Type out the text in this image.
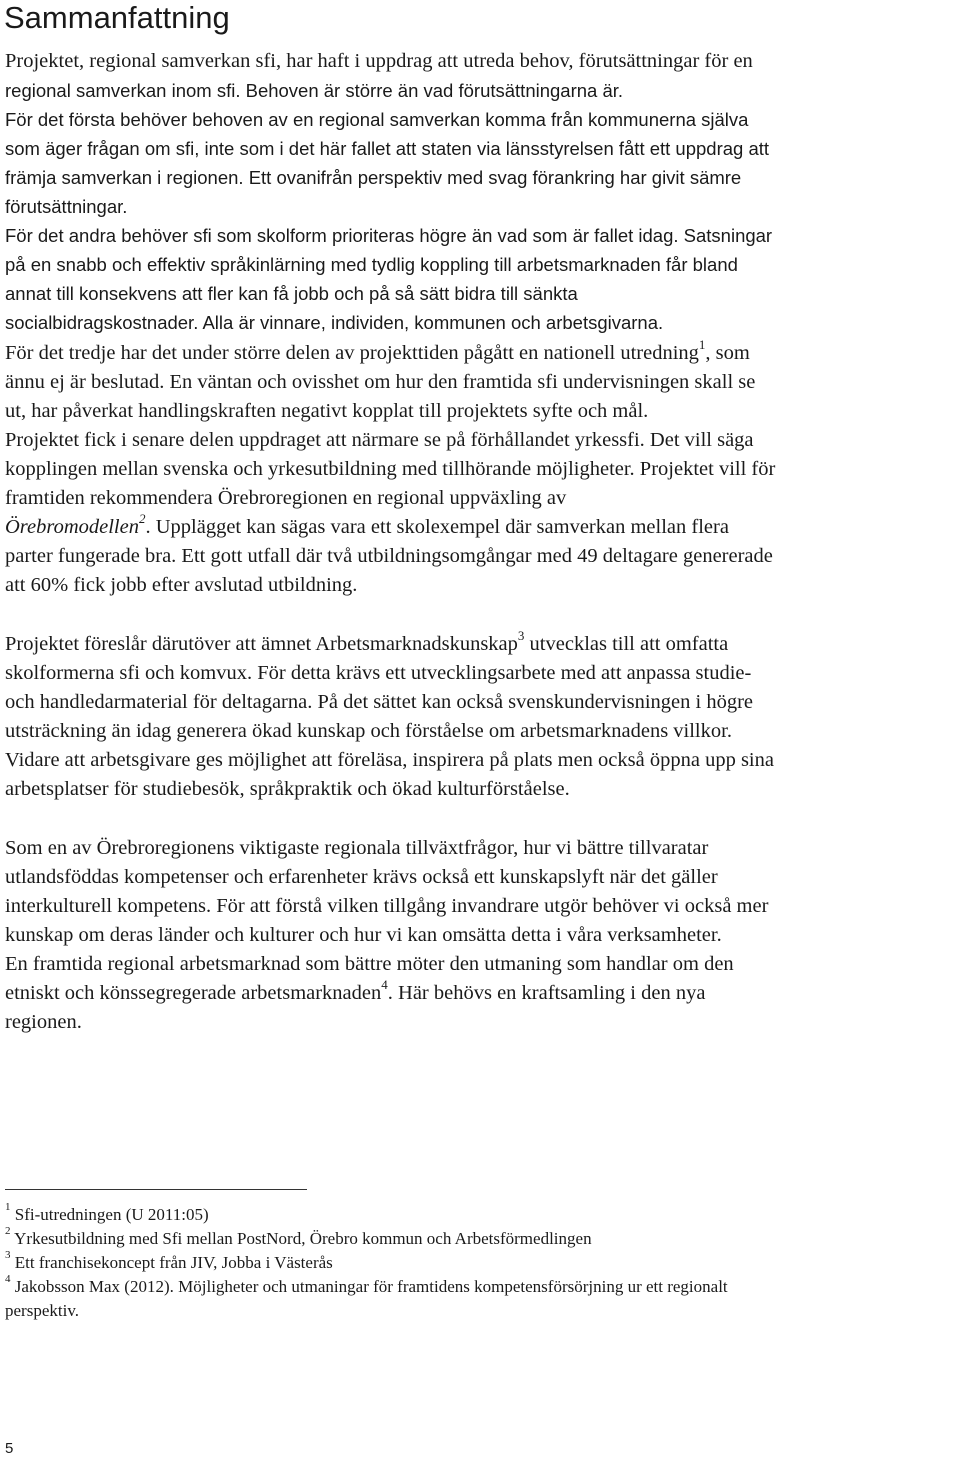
Sammanfattning
Projektet, regional samverkan sfi, har haft i uppdrag att utreda behov, förutsättningar för en
regional samverkan inom sfi. Behoven är större än vad förutsättningarna är.
För det första behöver behoven av en regional samverkan komma från kommunerna själva
som äger frågan om sfi, inte som i det här fallet att staten via länsstyrelsen fått ett uppdrag att
främja samverkan i regionen. Ett ovanifrån perspektiv med svag förankring har givit sämre
förutsättningar.
För det andra behöver sfi som skolform prioriteras högre än vad som är fallet idag. Satsningar
på en snabb och effektiv språkinlärning med tydlig koppling till arbetsmarknaden får bland
annat till konsekvens att fler kan få jobb och på så sätt bidra till sänkta
socialbidragskostnader. Alla är vinnare, individen, kommunen och arbetsgivarna.
För det tredje har det under större delen av projekttiden pågått en nationell utredning$^1$, som
ännu ej är beslutad. En väntan och ovisshet om hur den framtida sfi undervisningen skall se
ut, har påverkat handlingskraften negativt kopplat till projektets syfte och mål.
Projektet fick i senare delen uppdraget att närmare se på förhållandet yrkessfi. Det vill säga
kopplingen mellan svenska och yrkesutbildning med tillhörande möjligheter. Projektet vill för
framtiden rekommendera Örebroregionen en regional uppväxling av
Örebromodellen$^2$. Upplägget kan sägas vara ett skolexempel där samverkan mellan flera
parter fungerade bra. Ett gott utfall där två utbildningsomgångar med 49 deltagare genererade
att 60% fick jobb efter avslutad utbildning.
Projektet föreslår därutöver att ämnet Arbetsmarknadskunskap$^3$ utvecklas till att omfatta
skolformerna sfi och komvux. För detta krävs ett utvecklingsarbete med att anpassa studie-
och handledarmaterial för deltagarna. På det sättet kan också svenskundervisningen i högre
utsträckning än idag generera ökad kunskap och förståelse om arbetsmarknadens villkor.
Vidare att arbetsgivare ges möjlighet att föreläsa, inspirera på plats men också öppna upp sina
arbetsplatser för studiebesök, språkpraktik och ökad kulturförståelse.
Som en av Örebroregionens viktigaste regionala tillväxtfrågor, hur vi bättre tillvaratar
utlandsföddas kompetenser och erfarenheter krävs också ett kunskapslyft när det gäller
interkulturell kompetens. För att förstå vilken tillgång invandrare utgör behöver vi också mer
kunskap om deras länder och kulturer och hur vi kan omsätta detta i våra verksamheter.
En framtida regional arbetsmarknad som bättre möter den utmaning som handlar om den
etniskt och könssegregerade arbetsmarknaden$^4$. Här behövs en kraftsamling i den nya
regionen.
$^1$ Sfi-utredningen (U 2011:05)
$^2$ Yrkesutbildning med Sfi mellan PostNord, Örebro kommun och Arbetsförmedlingen
$^3$ Ett franchisekoncept från JIV, Jobba i Västerås
$^4$ Jakobsson Max (2012). Möjligheter och utmaningar för framtidens kompetensförsörjning ur ett regionalt
perspektiv.
5
